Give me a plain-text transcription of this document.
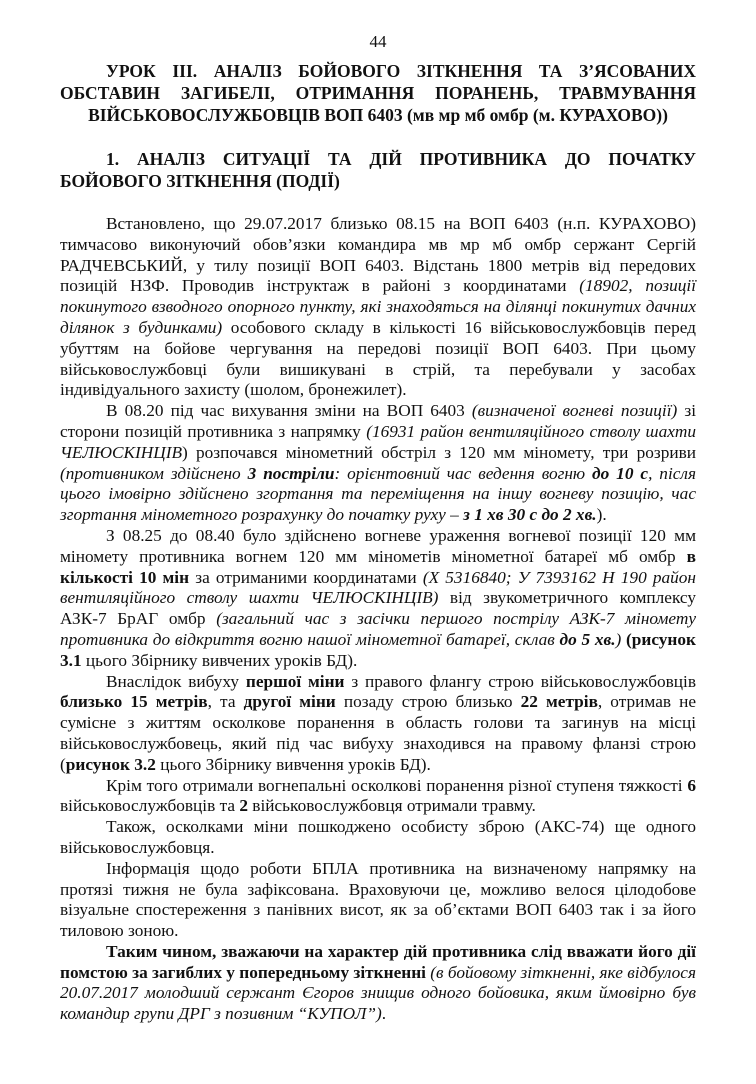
44
УРОК ІІІ. АНАЛІЗ БОЙОВОГО ЗІТКНЕННЯ ТА З’ЯСОВАНИХ ОБСТАВИН ЗАГИБЕЛІ, ОТРИМАННЯ ПОРАНЕНЬ, ТРАВМУВАННЯ ВІЙСЬКОВОСЛУЖБОВЦІВ ВОП 6403 (мв мр мб омбр (м. КУРАХОВО))
1. АНАЛІЗ СИТУАЦІЇ ТА ДІЙ ПРОТИВНИКА ДО ПОЧАТКУ БОЙОВОГО ЗІТКНЕННЯ (ПОДІЇ)

Встановлено, що 29.07.2017 близько 08.15 на ВОП 6403 (н.п. КУРАХОВО) тимчасово виконуючий обов’язки командира мв мр мб омбр сержант Сергій РАДЧЕВСЬКИЙ, у тилу позиції ВОП 6403. Відстань 1800 метрів від передових позицій НЗФ. Проводив інструктаж в районі з координатами (18902, позиції покинутого взводного опорного пункту, які знаходяться на ділянці покинутих дачних ділянок з будинками) особового складу в кількості 16 військовослужбовців перед убуттям на бойове чергування на передові позиції ВОП 6403. При цьому військовослужбовці були вишикувані в стрій, та перебували у засобах індивідуального захисту (шолом, бронежилет).

В 08.20 під час вихування зміни на ВОП 6403 (визначеної вогневі позиції) зі сторони позицій противника з напрямку (16931 район вентиляційного стволу шахти ЧЕЛЮСКІНЦІВ) розпочався мінометний обстріл з 120 мм мінометy, три розриви (противником здійснено 3 постріли: орієнтовний час ведення вогню до 10 с, після цього імовірно здійснено згортання та переміщення на іншу вогневу позицію, час згортання мінометного розрахунку до початку руху – з 1 хв 30 с до 2 хв.).

З 08.25 до 08.40 було здійснено вогневе ураження вогневої позиції 120 мм мінометy противника вогнем 120 мм мінометів мінометної батареї мб омбр в кількості 10 мін за отриманими координатами (Х 5316840; У 7393162 Н 190 район вентиляційного стволу шахти ЧЕЛЮСКІНЦІВ) від звукометричного комплексу АЗК-7 БрАГ омбр (загальний час з засічки першого пострілу АЗК-7 мінометy противника до відкриття вогню нашої мінометної батареї, склав до 5 хв.) (рисунок 3.1 цього Збірнику вивчених уроків БД).

Внаслідок вибуху першої міни з правого флангу строю військовослужбовців близько 15 метрів, та другої міни позаду строю близько 22 метрів, отримав не сумісне з життям осколкове поранення в область голови та загинув на місці військовослужбовець, який під час вибуху знаходився на правому фланзі строю (рисунок 3.2 цього Збірнику вивчення уроків БД).

Крім того отримали вогнепальні осколкові поранення різної ступеня тяжкості 6 військовослужбовців та 2 військовослужбовця отримали травму.

Також, осколками міни пошкоджено особисту зброю (АКС-74) ще одного військовослужбовця.

Інформація щодо роботи БПЛА противника на визначеному напрямку на протязі тижня не була зафіксована. Враховуючи це, можливо велося цілодобове візуальне спостереження з панівних висот, як за об’єктами ВОП 6403 так і за його тиловою зоною.

Таким чином, зважаючи на характер дій противника слід вважати його дії помстою за загиблих у попередньому зіткненні (в бойовому зіткненні, яке відбулося 20.07.2017 молодший сержант Єгоров знищив одного бойовика, яким ймовірно був командир групи ДРГ з позивним “КУПОЛ”).
